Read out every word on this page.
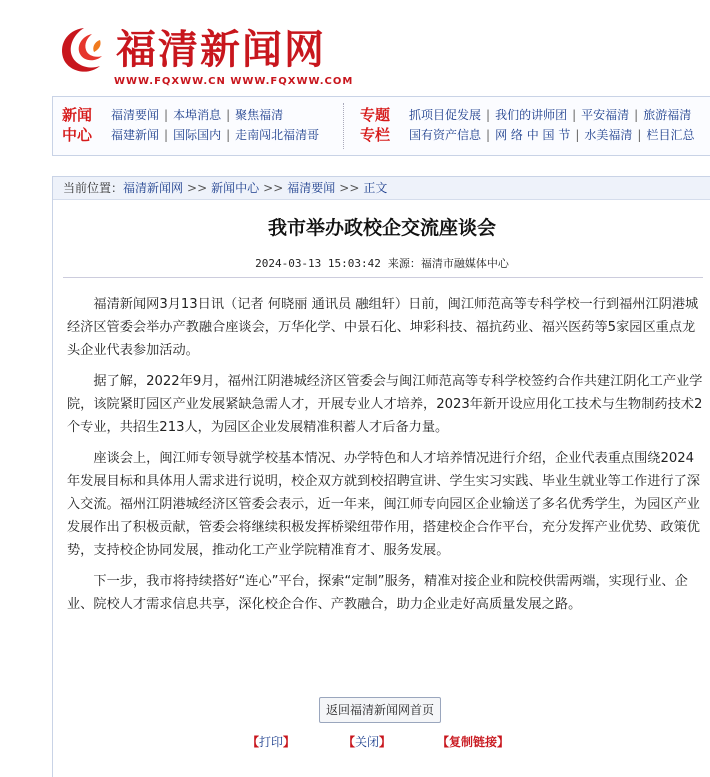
福清新闻网
WWW.FQXWW.CN WWW.FQXWW.COM
新闻
中心
福清要闻 | 本埠消息 | 聚焦福清
福建新闻 | 国际国内 | 走南闯北福清哥
专题
专栏
抓项目促发展 | 我们的讲师团 | 平安福清 | 旅游福清
国有资产信息 | 网 络 中 国 节 | 水美福清 | 栏目汇总
当前位置：福清新闻网 >> 新闻中心 >> 福清要闻 >> 正文
我市举办政校企交流座谈会
2024-03-13 15:03:42 来源：福清市融媒体中心

福清新闻网3月13日讯（记者 何晓丽 通讯员 融组轩）日前，闽江师范高等专科学校一行到福州江阴港城经济区管委会举办产教融合座谈会，万华化学、中景石化、坤彩科技、福抗药业、福兴医药等5家园区重点龙头企业代表参加活动。

据了解，2022年9月，福州江阴港城经济区管委会与闽江师范高等专科学校签约合作共建江阴化工产业学院，该院紧盯园区产业发展紧缺急需人才，开展专业人才培养，2023年新开设应用化工技术与生物制药技术2个专业，共招生213人，为园区企业发展精准积蓄人才后备力量。

座谈会上，闽江师专领导就学校基本情况、办学特色和人才培养情况进行介绍，企业代表重点围绕2024年发展目标和具体用人需求进行说明，校企双方就到校招聘宣讲、学生实习实践、毕业生就业等工作进行了深入交流。福州江阴港城经济区管委会表示，近一年来，闽江师专向园区企业输送了多名优秀学生，为园区产业发展作出了积极贡献，管委会将继续积极发挥桥梁纽带作用，搭建校企合作平台，充分发挥产业优势、政策优势，支持校企协同发展，推动化工产业学院精准育才、服务发展。

下一步，我市将持续搭好“连心”平台，探索“定制”服务，精准对接企业和院校供需两端，实现行业、企业、院校人才需求信息共享，深化校企合作、产教融合，助力企业走好高质量发展之路。

返回福清新闻网首页
【打印】	【关闭】	【复制链接】
